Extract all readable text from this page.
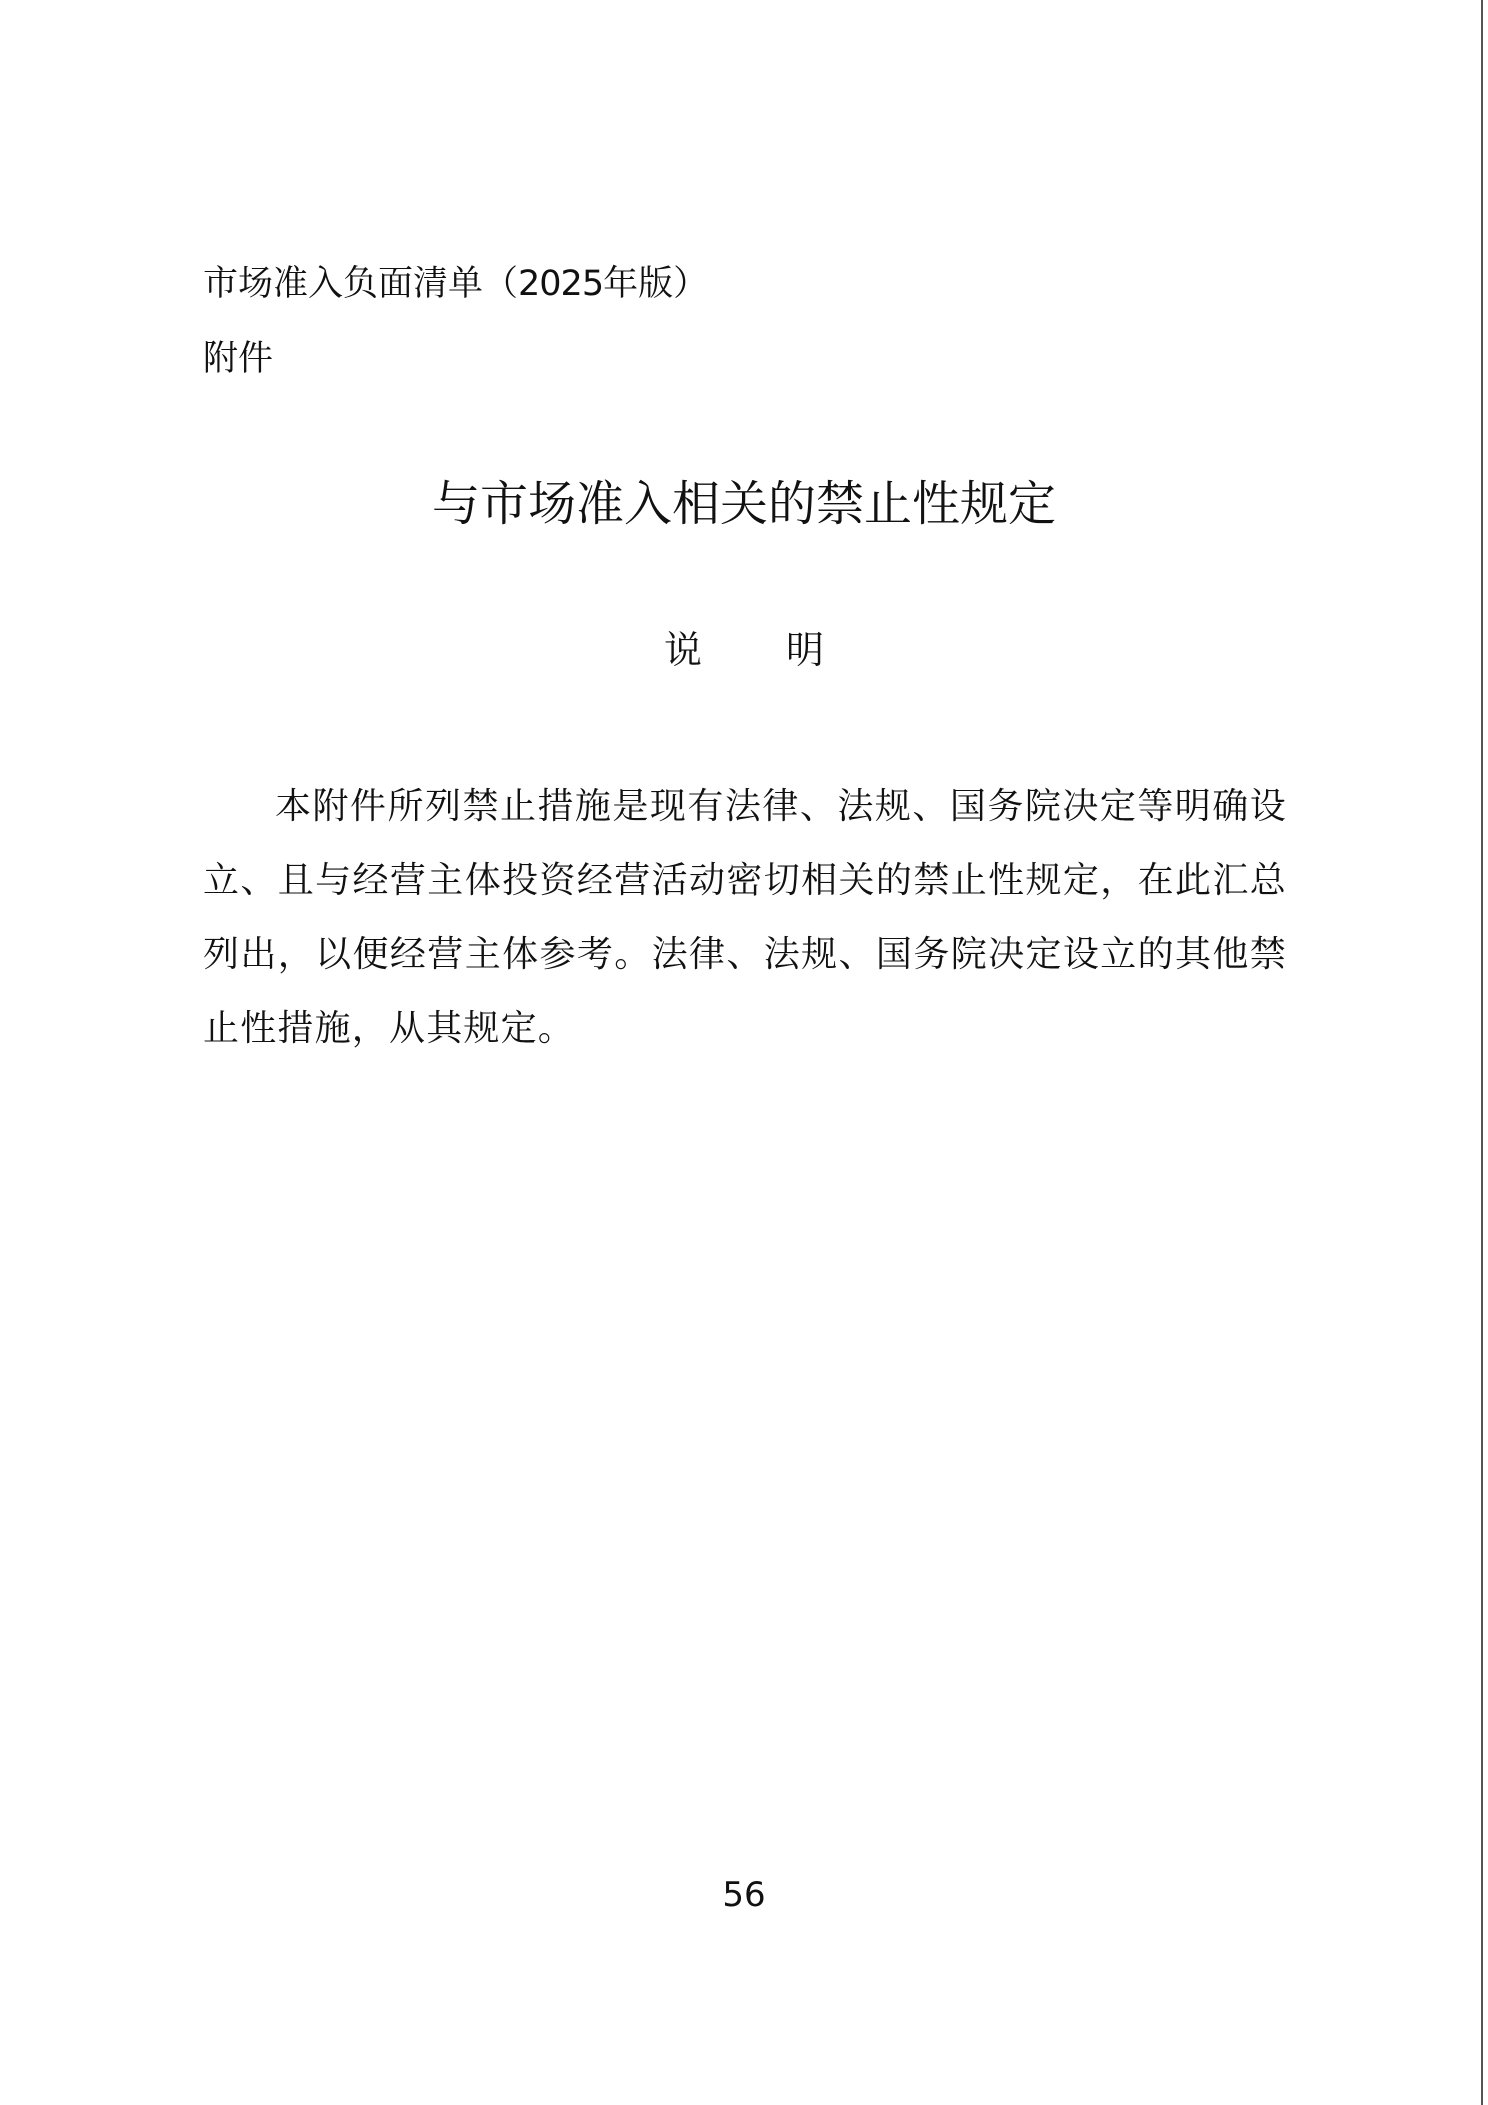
市场准入负面清单（2025年版）

附件

与市场准入相关的禁止性规定
说 明

本附件所列禁止措施是现有法律、法规、国务院决定等明确设立、且与经营主体投资经营活动密切相关的禁止性规定，在此汇总列出，以便经营主体参考。法律、法规、国务院决定设立的其他禁止性措施，从其规定。

56
